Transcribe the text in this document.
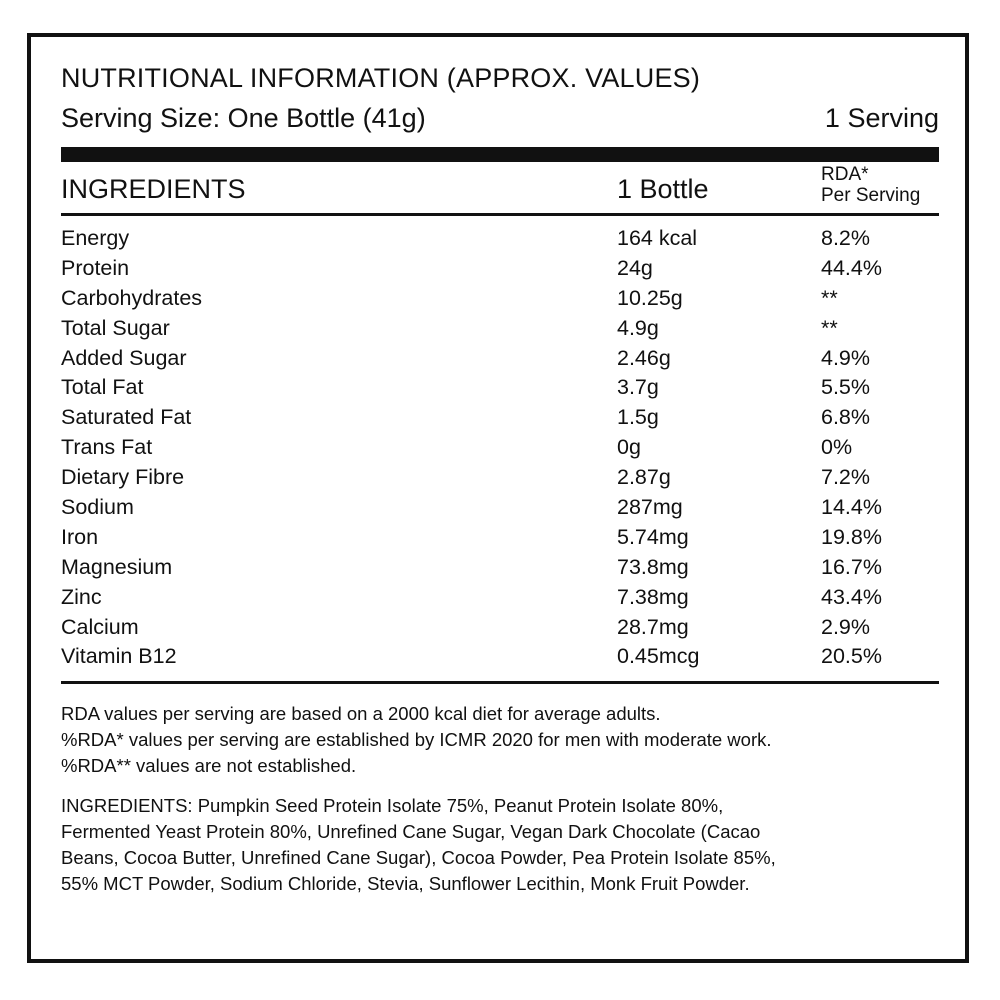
NUTRITIONAL INFORMATION (APPROX. VALUES)
Serving Size: One Bottle (41g)	1 Serving
INGREDIENTS	1 Bottle	RDA*
Per Serving
Energy	164 kcal	8.2%
Protein	24g	44.4%
Carbohydrates	10.25g	**
Total Sugar	4.9g	**
Added Sugar	2.46g	4.9%
Total Fat	3.7g	5.5%
Saturated Fat	1.5g	6.8%
Trans Fat	0g	0%
Dietary Fibre	2.87g	7.2%
Sodium	287mg	14.4%
Iron	5.74mg	19.8%
Magnesium	73.8mg	16.7%
Zinc	7.38mg	43.4%
Calcium	28.7mg	2.9%
Vitamin B12	0.45mcg	20.5%
RDA values per serving are based on a 2000 kcal diet for average adults.
%RDA* values per serving are established by ICMR 2020 for men with moderate work.
%RDA** values are not established.
INGREDIENTS: Pumpkin Seed Protein Isolate 75%, Peanut Protein Isolate 80%,
Fermented Yeast Protein 80%, Unrefined Cane Sugar, Vegan Dark Chocolate (Cacao
Beans, Cocoa Butter, Unrefined Cane Sugar), Cocoa Powder, Pea Protein Isolate 85%,
55% MCT Powder, Sodium Chloride, Stevia, Sunflower Lecithin, Monk Fruit Powder.
